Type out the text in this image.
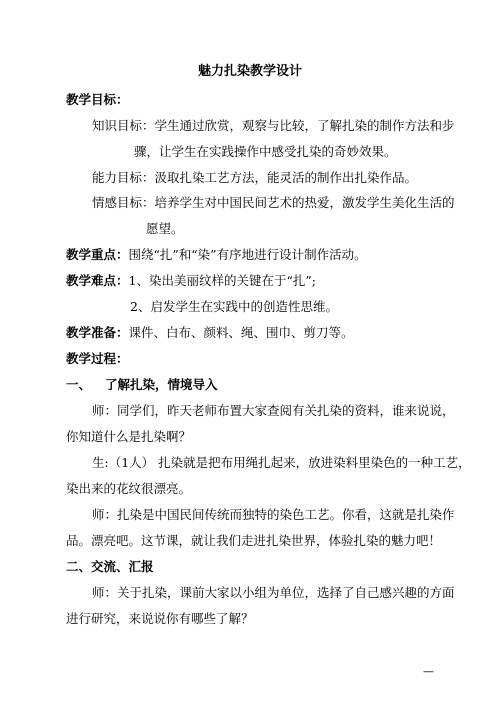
魅力扎染教学设计
教学目标：
知识目标：学生通过欣赏，观察与比较，了解扎染的制作方法和步
骤，让学生在实践操作中感受扎染的奇妙效果。
能力目标：汲取扎染工艺方法，能灵活的制作出扎染作品。
情感目标：培养学生对中国民间艺术的热爱，激发学生美化生活的
愿望。
教学重点：围绕“扎”和“染”有序地进行设计制作活动。
教学难点：1、染出美丽纹样的关键在于“扎”;
2、启发学生在实践中的创造性思维。
教学准备：课件、白布、颜料、绳、围巾、剪刀等。
教学过程：
一、 了解扎染，情境导入
师：同学们，昨天老师布置大家查阅有关扎染的资料，谁来说说，
你知道什么是扎染啊？
生:（1人） 扎染就是把布用绳扎起来，放进染料里染色的一种工艺，
染出来的花纹很漂亮。
师：扎染是中国民间传统而独特的染色工艺。你看，这就是扎染作
品。漂亮吧。这节课，就让我们走进扎染世界，体验扎染的魅力吧！
二、交流、汇报
师：关于扎染，课前大家以小组为单位，选择了自己感兴趣的方面
进行研究，来说说你有哪些了解？
—
